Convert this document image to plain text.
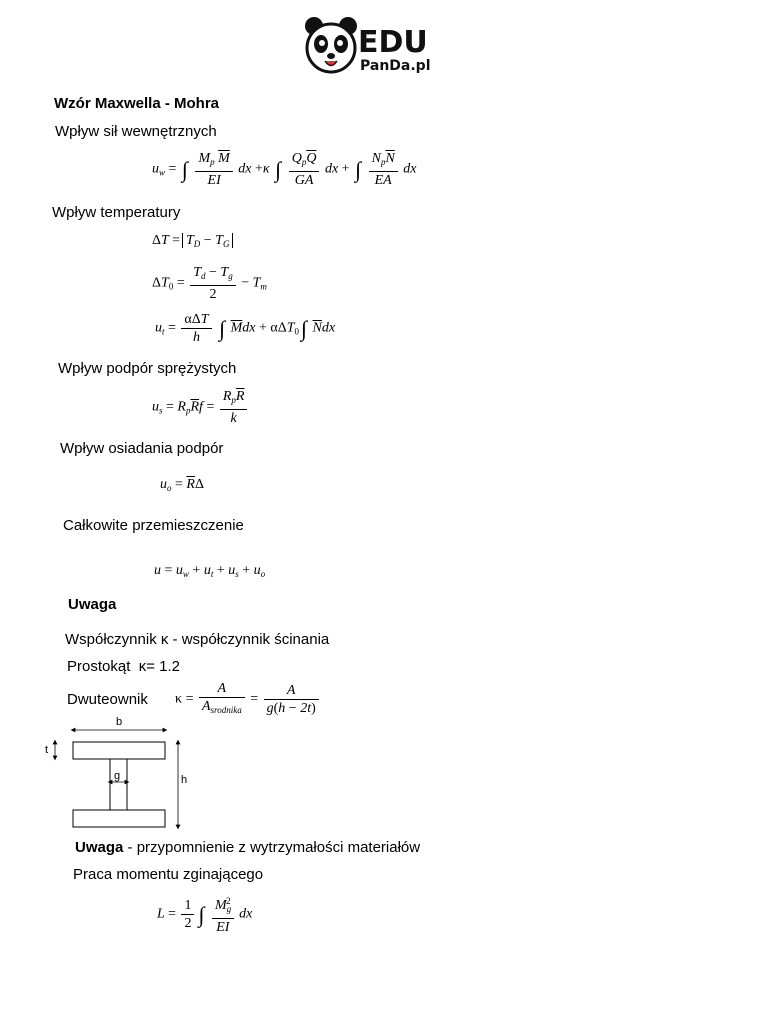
EDU
PanDa.pl
Wzór Maxwella - Mohra
Wpływ sił wewnętrznych
$u_w$ = ∫ $\frac{M_p \overline{M}}{EI}$ dx +κ ∫ $\frac{Q_p\overline{Q}}{GA}$ dx + ∫ $\frac{N_p\overline{N}}{EA}$ dx
Wpływ temperatury
$\Delta T = T_D - T_G$
$\Delta T_0 = \frac{T_d - T_g}{2} - T_m$
$u_t = \frac{\text{αΔT}}{h}$ ∫ $\overline{M}dx + \alpha\Delta T_0\int$ $\overline{N}dx$
Wpływ podpór sprężystych
$u_s = R_p\overline{R}f = \frac{R_p\overline{R}}{k}$
Wpływ osiadania podpór
$u_o = \overline{R}\Delta$
Całkowite przemieszczenie
$u = u_w + u_t + u_s + u_o$
Uwaga
Współczynnik κ - współczynnik ścinania
Prostokąt κ= 1.2
Dwuteownik $\kappa = \frac{A}{A_{srodnika}} = \frac{A}{g(h - 2t)}$
b
t
g	h
Uwaga - przypomnienie z wytrzymałości materiałów
Praca momentu zginającego
$L = \frac{1}{2}$ ∫ $\frac{M_g^2}{EI}$ dx
